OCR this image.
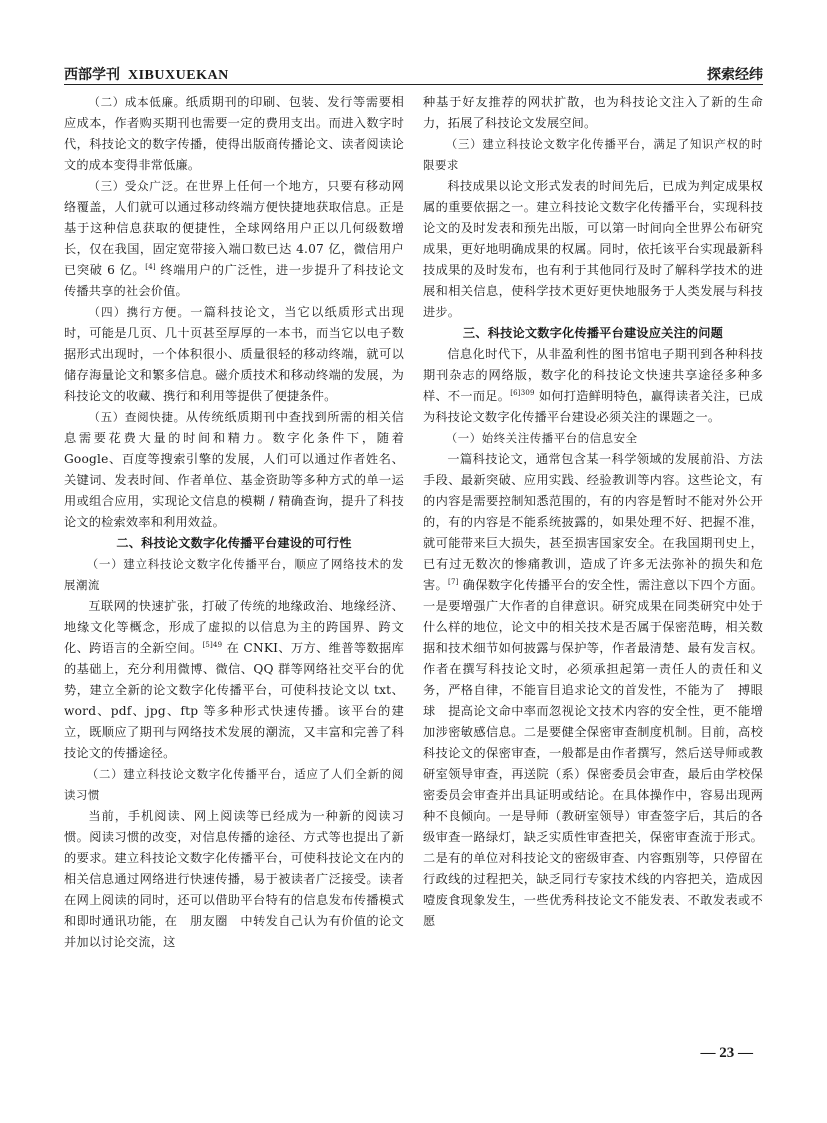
西部学刊 XIBUXUEKAN	探索经纬

（二）成本低廉。纸质期刊的印刷、包装、发行等需要相应成本，作者购买期刊也需要一定的费用支出。而进入数字时代，科技论文的数字传播，使得出版商传播论文、读者阅读论文的成本变得非常低廉。

（三）受众广泛。在世界上任何一个地方，只要有移动网络覆盖，人们就可以通过移动终端方便快捷地获取信息。正是基于这种信息获取的便捷性，全球网络用户正以几何级数增长，仅在我国，固定宽带接入端口数已达 4.07 亿，微信用户已突破 6 亿。[4] 终端用户的广泛性，进一步提升了科技论文传播共享的社会价值。

（四）携行方便。一篇科技论文，当它以纸质形式出现时，可能是几页、几十页甚至厚厚的一本书，而当它以电子数据形式出现时，一个体积很小、质量很轻的移动终端，就可以储存海量论文和繁多信息。磁介质技术和移动终端的发展，为科技论文的收藏、携行和利用等提供了便捷条件。

（五）查阅快捷。从传统纸质期刊中查找到所需的相关信息需要花费大量的时间和精力。数字化条件下，随着 Google、百度等搜索引擎的发展，人们可以通过作者姓名、关键词、发表时间、作者单位、基金资助等多种方式的单一运用或组合应用，实现论文信息的模糊 / 精确查询，提升了科技论文的检索效率和利用效益。

二、科技论文数字化传播平台建设的可行性

（一）建立科技论文数字化传播平台，顺应了网络技术的发展潮流

互联网的快速扩张，打破了传统的地缘政治、地缘经济、地缘文化等概念，形成了虚拟的以信息为主的跨国界、跨文化、跨语言的全新空间。$^{[5]49}$ 在 CNKI、万方、维普等数据库的基础上，充分利用微博、微信、QQ 群等网络社交平台的优势，建立全新的论文数字化传播平台，可使科技论文以 txt、word、pdf、jpg、ftp 等多种形式快速传播。该平台的建立，既顺应了期刊与网络技术发展的潮流，又丰富和完善了科技论文的传播途径。

（二）建立科技论文数字化传播平台，适应了人们全新的阅读习惯

当前，手机阅读、网上阅读等已经成为一种新的阅读习惯。阅读习惯的改变，对信息传播的途径、方式等也提出了新的要求。建立科技论文数字化传播平台，可使科技论文在内的相关信息通过网络进行快速传播，易于被读者广泛接受。读者在网上阅读的同时，还可以借助平台特有的信息发布传播模式和即时通讯功能，在　朋友圈　中转发自己认为有价值的论文并加以讨论交流，这

种基于好友推荐的网状扩散，也为科技论文注入了新的生命力，拓展了科技论文发展空间。

（三）建立科技论文数字化传播平台，满足了知识产权的时限要求

科技成果以论文形式发表的时间先后，已成为判定成果权属的重要依据之一。建立科技论文数字化传播平台，实现科技论文的及时发表和预先出版，可以第一时间向全世界公布研究成果，更好地明确成果的权属。同时，依托该平台实现最新科技成果的及时发布，也有利于其他同行及时了解科学技术的进展和相关信息，使科学技术更好更快地服务于人类发展与科技进步。

三、科技论文数字化传播平台建设应关注的问题

信息化时代下，从非盈利性的图书馆电子期刊到各种科技期刊杂志的网络版，数字化的科技论文快速共享途径多种多样、不一而足。$^{[6]309}$ 如何打造鲜明特色，赢得读者关注，已成为科技论文数字化传播平台建设必须关注的课题之一。

（一）始终关注传播平台的信息安全

一篇科技论文，通常包含某一科学领域的发展前沿、方法手段、最新突破、应用实践、经验教训等内容。这些论文，有的内容是需要控制知悉范围的，有的内容是暂时不能对外公开的，有的内容是不能系统披露的，如果处理不好、把握不准，就可能带来巨大损失，甚至损害国家安全。在我国期刊史上，已有过无数次的惨痛教训，造成了许多无法弥补的损失和危害。[7] 确保数字化传播平台的安全性，需注意以下四个方面。一是要增强广大作者的自律意识。研究成果在同类研究中处于什么样的地位，论文中的相关技术是否属于保密范畴，相关数据和技术细节如何披露与保护等，作者最清楚、最有发言权。作者在撰写科技论文时，必须承担起第一责任人的责任和义务，严格自律，不能盲目追求论文的首发性，不能为了　搏眼球　提高论文命中率而忽视论文技术内容的安全性，更不能增加涉密敏感信息。二是要健全保密审查制度机制。目前，高校科技论文的保密审查，一般都是由作者撰写，然后送导师或教研室领导审查，再送院（系）保密委员会审查，最后由学校保密委员会审查并出具证明或结论。在具体操作中，容易出现两种不良倾向。一是导师（教研室领导）审查签字后，其后的各级审查一路绿灯，缺乏实质性审查把关，保密审查流于形式。二是有的单位对科技论文的密级审查、内容甄别等，只停留在行政线的过程把关，缺乏同行专家技术线的内容把关，造成因噎废食现象发生，一些优秀科技论文不能发表、不敢发表或不愿

— 23 —
